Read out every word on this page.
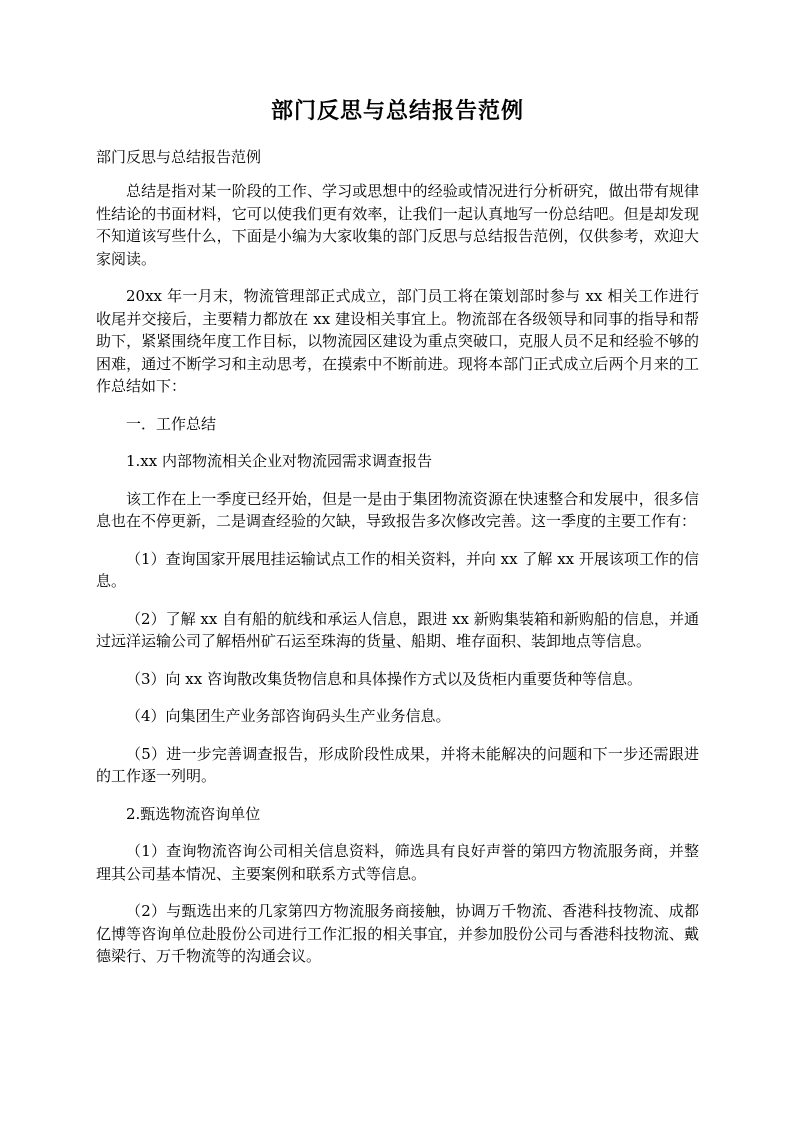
部门反思与总结报告范例

部门反思与总结报告范例

总结是指对某一阶段的工作、学习或思想中的经验或情况进行分析研究，做出带有规律性结论的书面材料，它可以使我们更有效率，让我们一起认真地写一份总结吧。但是却发现不知道该写些什么，下面是小编为大家收集的部门反思与总结报告范例，仅供参考，欢迎大家阅读。

20xx 年一月末，物流管理部正式成立，部门员工将在策划部时参与 xx 相关工作进行收尾并交接后，主要精力都放在 xx 建设相关事宜上。物流部在各级领导和同事的指导和帮助下，紧紧围绕年度工作目标，以物流园区建设为重点突破口，克服人员不足和经验不够的困难，通过不断学习和主动思考，在摸索中不断前进。现将本部门正式成立后两个月来的工作总结如下：

一．工作总结

1.xx 内部物流相关企业对物流园需求调查报告

该工作在上一季度已经开始，但是一是由于集团物流资源在快速整合和发展中，很多信息也在不停更新，二是调查经验的欠缺，导致报告多次修改完善。这一季度的主要工作有：

（1）查询国家开展甩挂运输试点工作的相关资料，并向 xx 了解 xx 开展该项工作的信息。

（2）了解 xx 自有船的航线和承运人信息，跟进 xx 新购集装箱和新购船的信息，并通过远洋运输公司了解梧州矿石运至珠海的货量、船期、堆存面积、装卸地点等信息。

（3）向 xx 咨询散改集货物信息和具体操作方式以及货柜内重要货种等信息。

（4）向集团生产业务部咨询码头生产业务信息。

（5）进一步完善调查报告，形成阶段性成果，并将未能解决的问题和下一步还需跟进的工作逐一列明。

2.甄选物流咨询单位

（1）查询物流咨询公司相关信息资料，筛选具有良好声誉的第四方物流服务商，并整理其公司基本情况、主要案例和联系方式等信息。

（2）与甄选出来的几家第四方物流服务商接触，协调万千物流、香港科技物流、成都亿博等咨询单位赴股份公司进行工作汇报的相关事宜，并参加股份公司与香港科技物流、戴德梁行、万千物流等的沟通会议。
